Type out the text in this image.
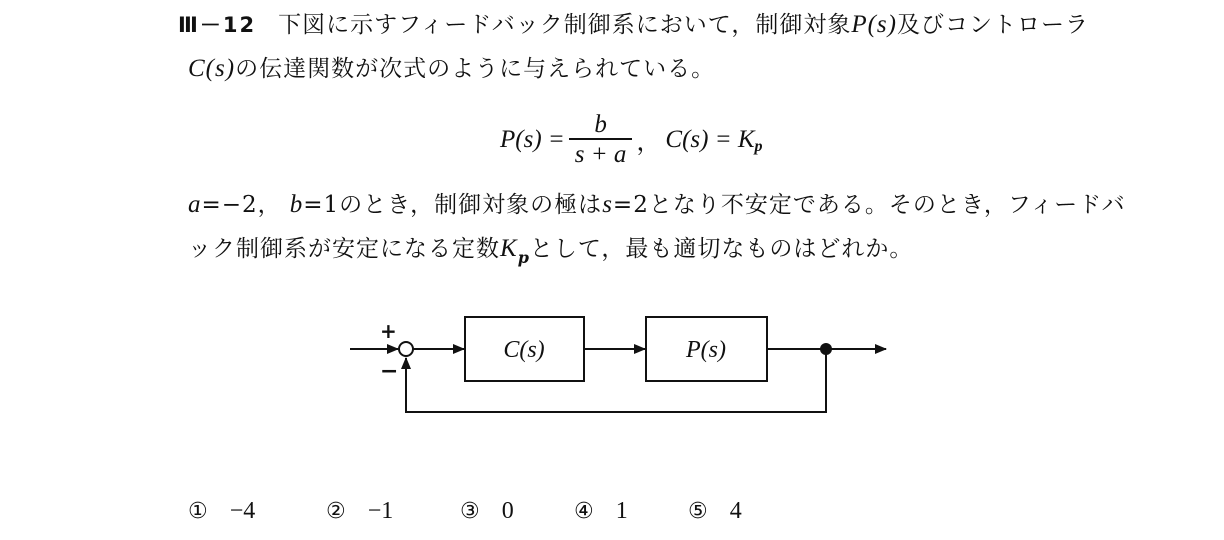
Ⅲ－12 下図に示すフィードバック制御系において，制御対象P(s)及びコントローラ
C(s)の伝達関数が次式のように与えられている。
$P(s) = \frac{b}{s + a}$ ， C(s) = K p
a=−2， b=1のとき，制御対象の極はs=2となり不安定である。そのとき，フィードバ
ック制御系が安定になる定数$K_p$として，最も適切なものはどれか。
+
−
C(s)	P(s)
① −4	② −1	③ 0	④ 1	⑤ 4
